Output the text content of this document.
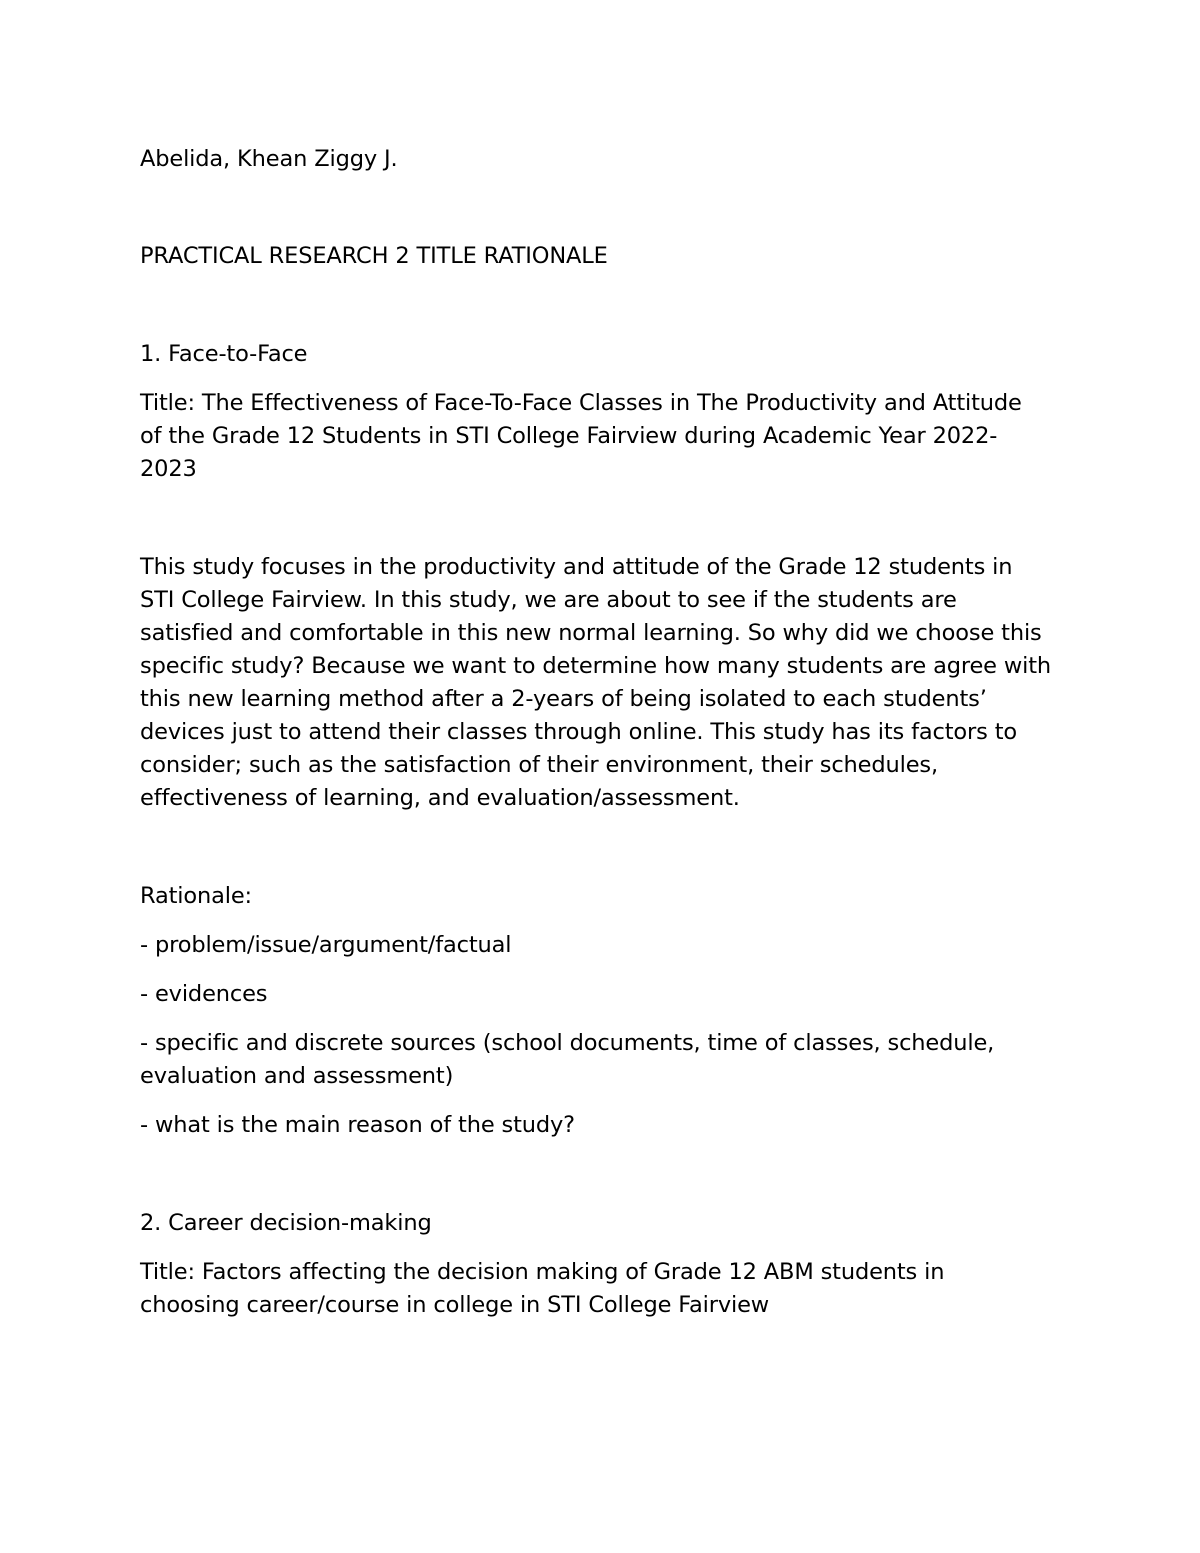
Abelida, Khean Ziggy J.
PRACTICAL RESEARCH 2 TITLE RATIONALE
1. Face-to-Face
Title: The Effectiveness of Face-To-Face Classes in The Productivity and Attitude
of the Grade 12 Students in STI College Fairview during Academic Year 2022-
2023
This study focuses in the productivity and attitude of the Grade 12 students in
STI College Fairview. In this study, we are about to see if the students are
satisfied and comfortable in this new normal learning. So why did we choose this
specific study? Because we want to determine how many students are agree with
this new learning method after a 2-years of being isolated to each students’
devices just to attend their classes through online. This study has its factors to
consider; such as the satisfaction of their environment, their schedules,
effectiveness of learning, and evaluation/assessment.
Rationale:
- problem/issue/argument/factual
- evidences
- specific and discrete sources (school documents, time of classes, schedule,
evaluation and assessment)
- what is the main reason of the study?
2. Career decision-making
Title: Factors affecting the decision making of Grade 12 ABM students in
choosing career/course in college in STI College Fairview
